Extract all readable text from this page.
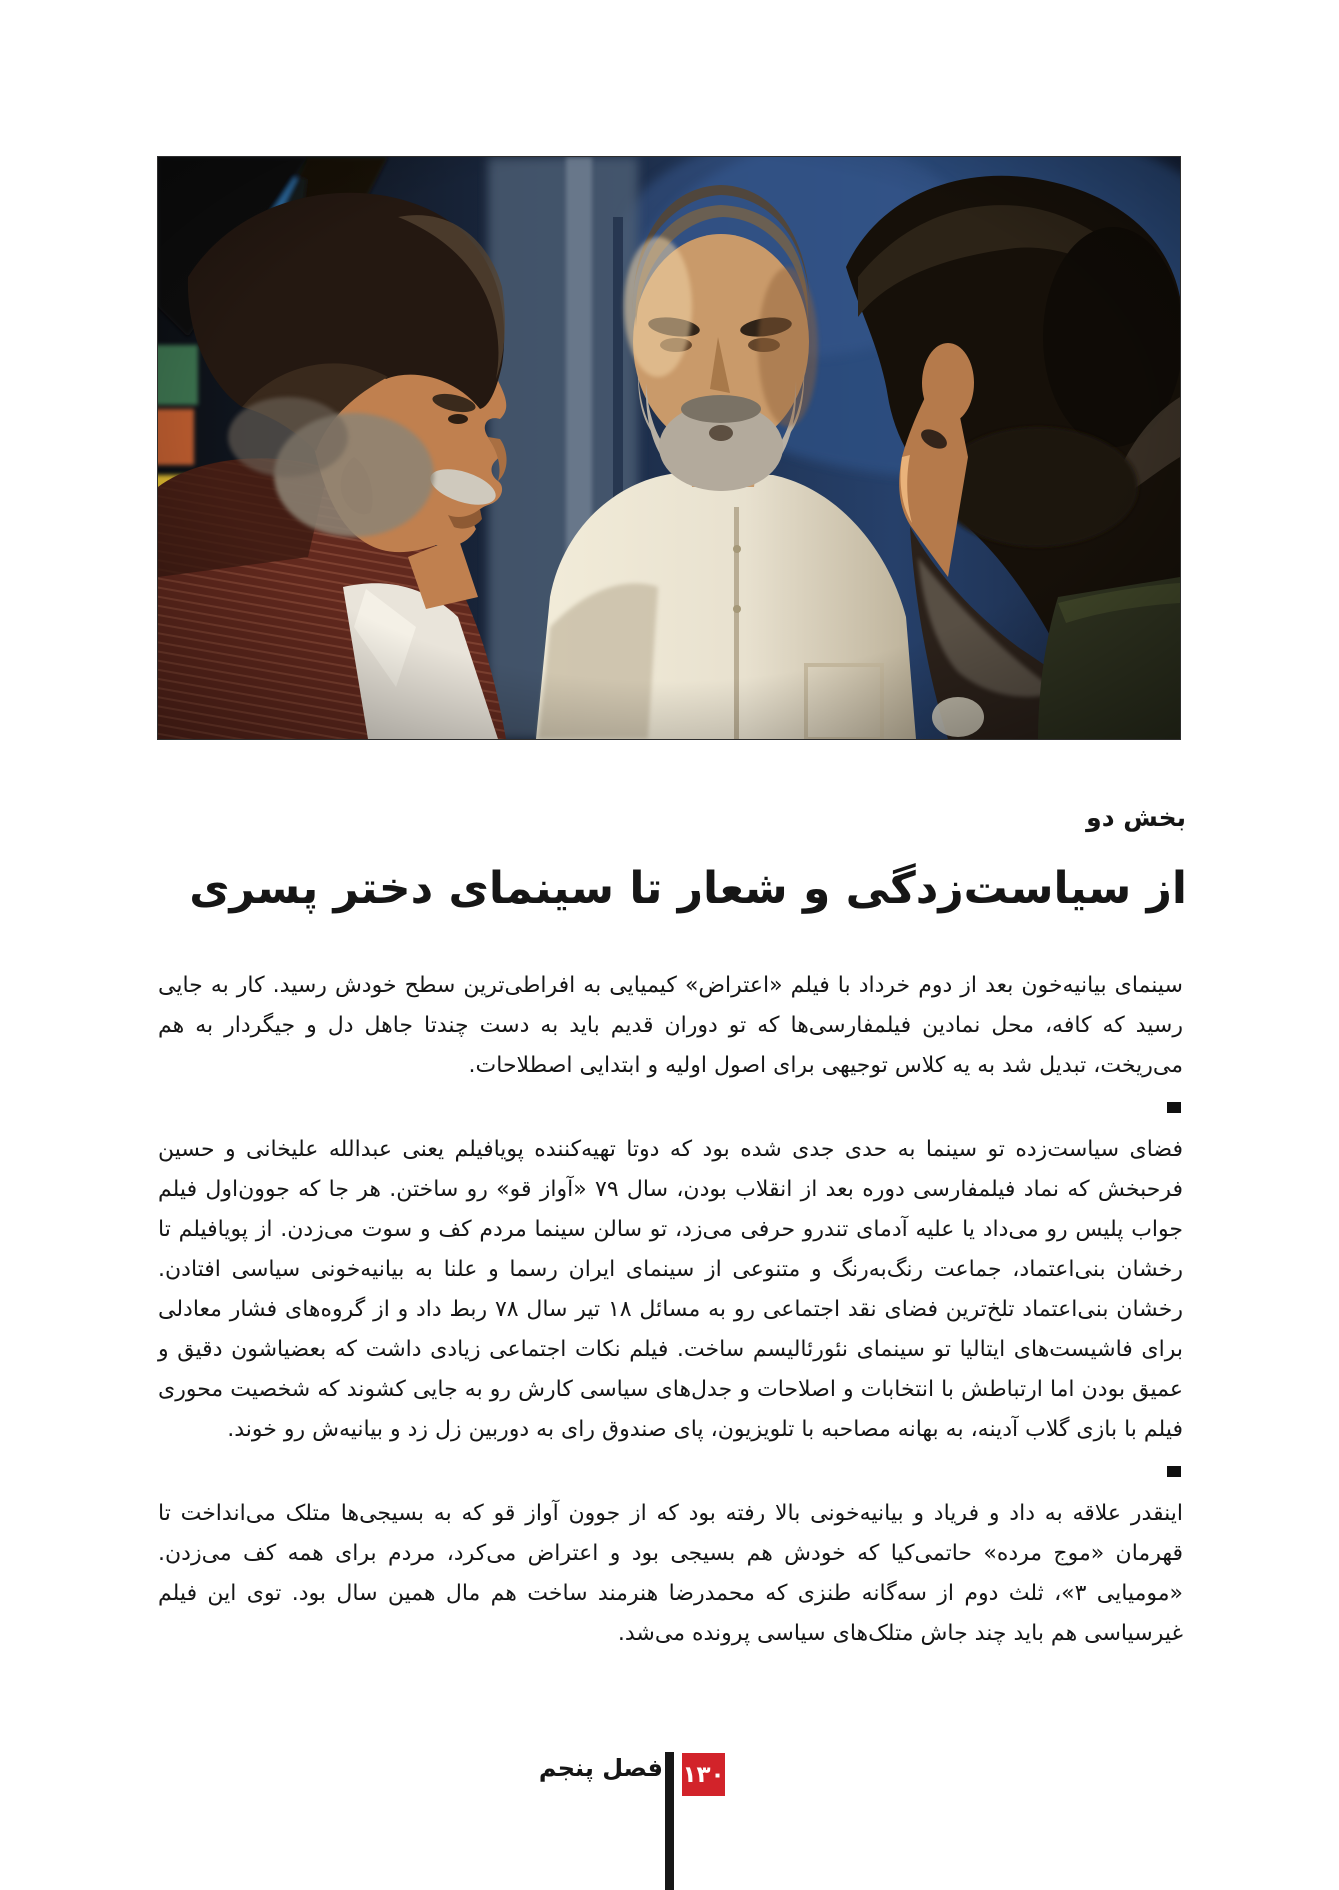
بخش دو
از سیاست‌زدگی و شعار تا سینمای دختر پسری

سینمای بیانیه‌خون بعد از دوم خرداد با فیلم «اعتراض» کیمیایی به افراطی‌ترین سطح خودش رسید. کار به جایی رسید که کافه، محل نمادین فیلمفارسی‌ها که تو دوران قدیم باید به دست چندتا جاهل دل و جیگردار به هم می‌ریخت، تبدیل شد به یه کلاس توجیهی برای اصول اولیه و ابتدایی اصطلاحات.

فضای سیاست‌زده تو سینما به حدی جدی شده بود که دوتا تهیه‌کننده پویافیلم یعنی عبدالله علیخانی و حسین فرحبخش که نماد فیلمفارسی دوره بعد از انقلاب بودن، سال ۷۹ «آواز قو» رو ساختن. هر جا که جوون‌اول فیلم جواب پلیس رو می‌داد یا علیه آدمای تندرو حرفی می‌زد، تو سالن سینما مردم کف و سوت می‌زدن. از پویافیلم تا رخشان بنی‌اعتماد، جماعت رنگ‌به‌رنگ و متنوعی از سینمای ایران رسما و علنا به بیانیه‌خونی سیاسی افتادن. رخشان بنی‌اعتماد تلخ‌ترین فضای نقد اجتماعی رو به مسائل ۱۸ تیر سال ۷۸ ربط داد و از گروه‌های فشار معادلی برای فاشیست‌های ایتالیا تو سینمای نئورئالیسم ساخت. فیلم نکات اجتماعی زیادی داشت که بعضیاشون دقیق و عمیق بودن اما ارتباطش با انتخابات و اصلاحات و جدل‌های سیاسی کارش رو به جایی کشوند که شخصیت محوری فیلم با بازی گلاب آدینه، به بهانه مصاحبه با تلویزیون، پای صندوق رای به دوربین زل زد و بیانیه‌ش رو خوند.

اینقدر علاقه به داد و فریاد و بیانیه‌خونی بالا رفته بود که از جوون آواز قو که به بسیجی‌ها متلک می‌انداخت تا قهرمان «موج مرده» حاتمی‌کیا که خودش هم بسیجی بود و اعتراض می‌کرد، مردم برای همه کف می‌زدن. «مومیایی ۳»، ثلث دوم از سه‌گانه طنزی که محمدرضا هنرمند ساخت هم مال همین سال بود. توی این فیلم غیرسیاسی هم باید چند جاش متلک‌های سیاسی پرونده می‌شد.

فصل پنجم ۱۳۰
